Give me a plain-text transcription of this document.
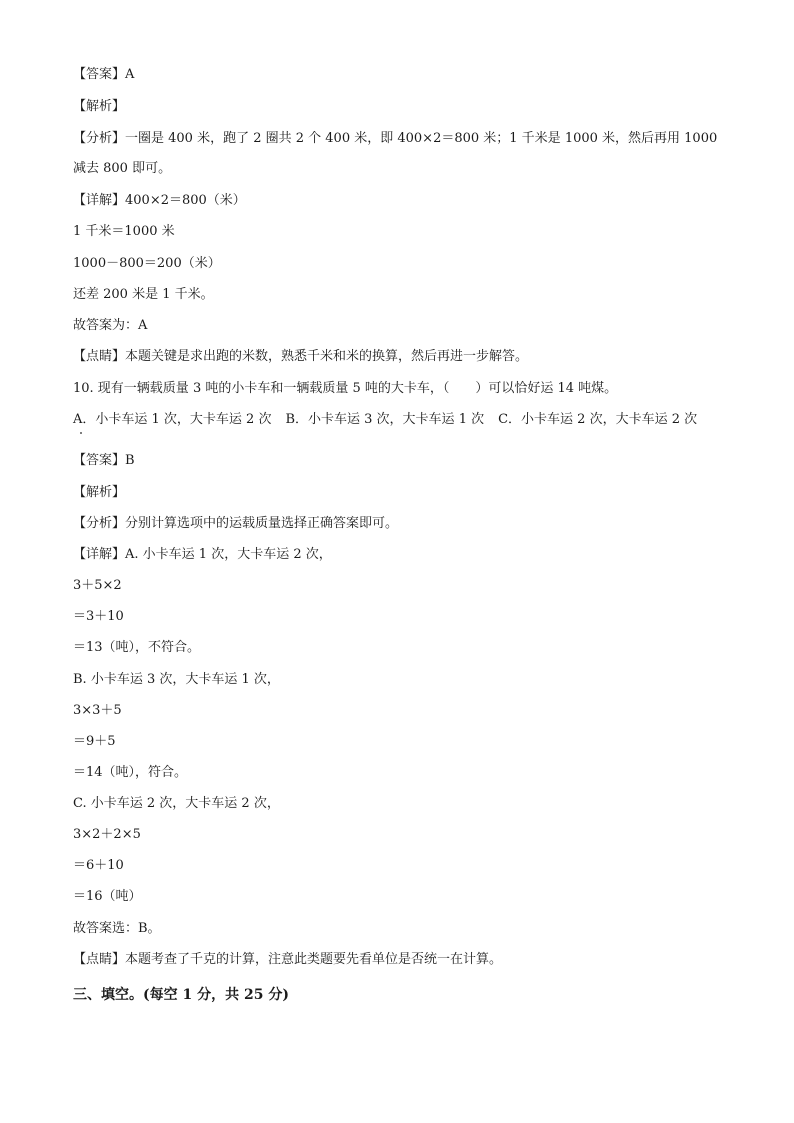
【答案】A
【解析】
【分析】一圈是 400 米，跑了 2 圈共 2 个 400 米，即 400×2＝800 米；1 千米是 1000 米，然后再用 1000
减去 800 即可。
【详解】400×2＝800（米）
1 千米＝1000 米
1000－800＝200（米）
还差 200 米是 1 千米。
故答案为：A
【点睛】本题关键是求出跑的米数，熟悉千米和米的换算，然后再进一步解答。
10. 现有一辆载质量 3 吨的小卡车和一辆载质量 5 吨的大卡车，（　　）可以恰好运 14 吨煤。
A．小卡车运 1 次，大卡车运 2 次 B．小卡车运 3 次，大卡车运 1 次 C．小卡车运 2 次，大卡车运 2 次
【答案】B
【解析】
【分析】分别计算选项中的运载质量选择正确答案即可。
【详解】A. 小卡车运 1 次，大卡车运 2 次，
3＋5×2
＝3＋10
＝13（吨），不符合。
B. 小卡车运 3 次，大卡车运 1 次，
3×3＋5
＝9＋5
＝14（吨），符合。
C. 小卡车运 2 次，大卡车运 2 次，
3×2＋2×5
＝6＋10
＝16（吨）
故答案选：B。
【点睛】本题考查了千克的计算，注意此类题要先看单位是否统一在计算。
三、填空。(每空 1 分，共 25 分)
